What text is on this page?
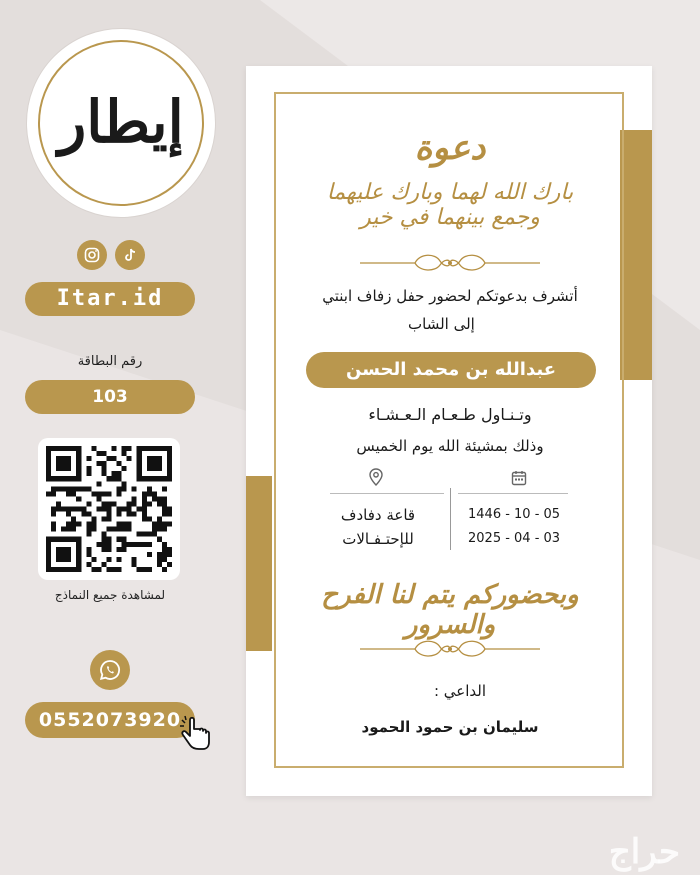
إيطار
Itar.id
رقم البطاقة
103
لمشاهدة جميع النماذج
0552073920
دعوة
بارك الله لهما وبارك عليهما وجمع بينهما في خير
أتشرف بدعوتكم لحضور حفل زفاف ابنتي
إلى الشاب
عبدالله بن محمد الحسن
وتـنـاول طـعـام الـعـشـاء
وذلك بمشيئة الله يوم الخميس
قاعة دفادف
للإحتـفـالات
1446 - 10 - 05
2025 - 04 - 03
وبحضوركم يتم لنا الفرح والسرور
الداعي :
سليمان بن حمود الحمود
حراج
